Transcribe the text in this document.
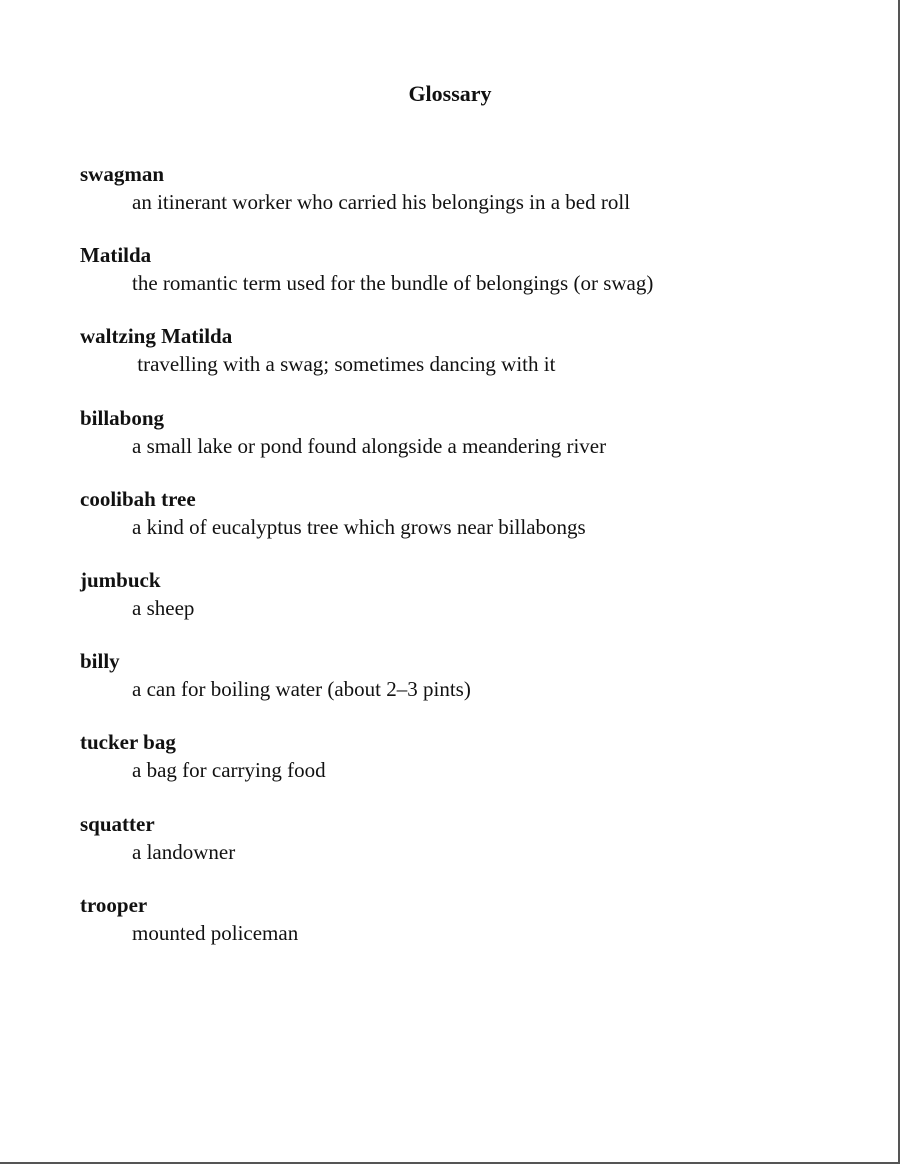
Glossary
swagman
an itinerant worker who carried his belongings in a bed roll
Matilda
the romantic term used for the bundle of belongings (or swag)
waltzing Matilda
travelling with a swag; sometimes dancing with it
billabong
a small lake or pond found alongside a meandering river
coolibah tree
a kind of eucalyptus tree which grows near billabongs
jumbuck
a sheep
billy
a can for boiling water (about 2–3 pints)
tucker bag
a bag for carrying food
squatter
a landowner
trooper
mounted policeman
